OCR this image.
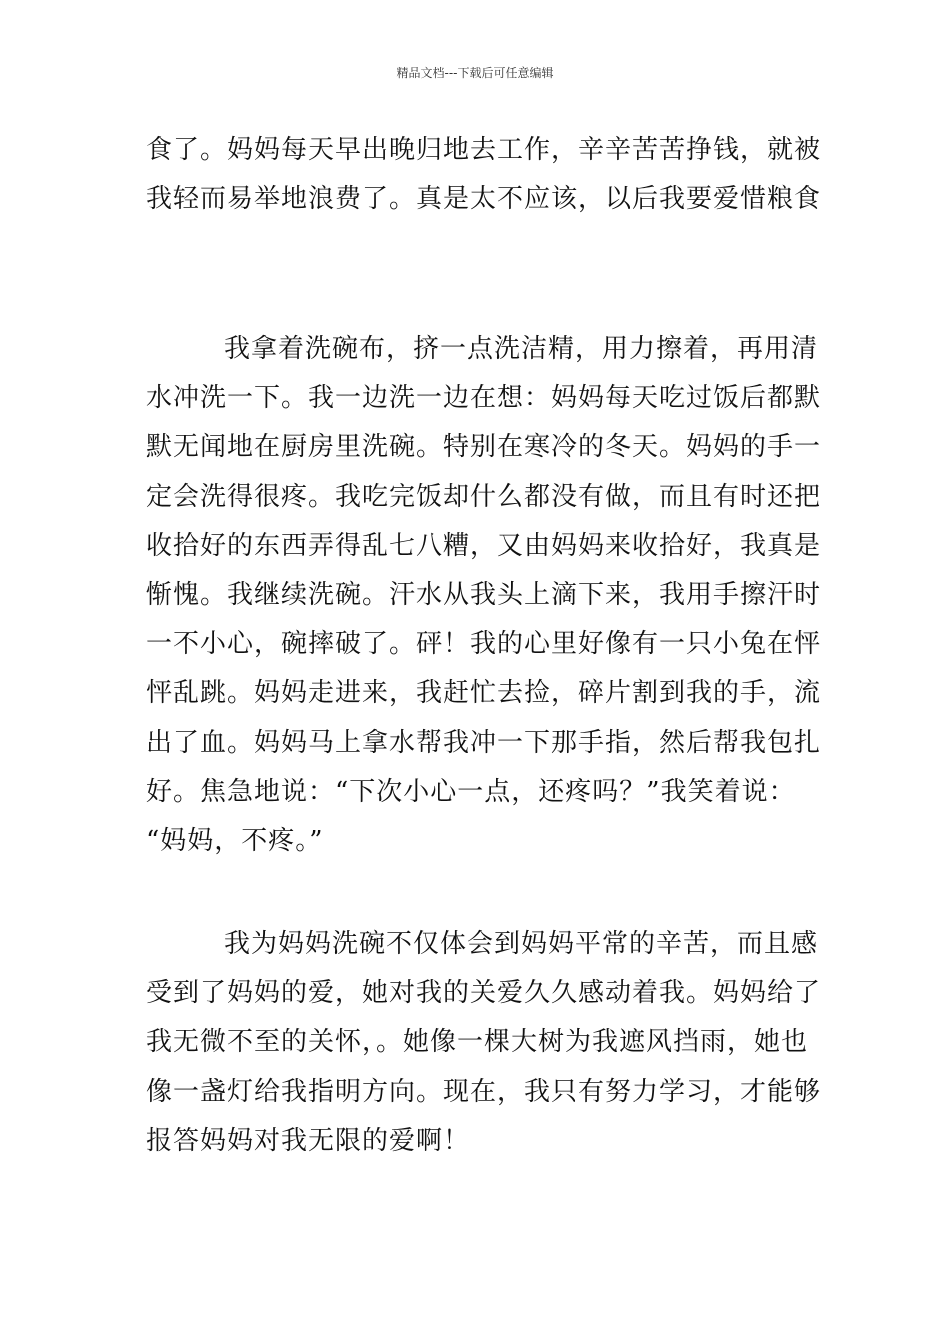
精品文档---下载后可任意编辑
食了。妈妈每天早出晚归地去工作，辛辛苦苦挣钱，就被
我轻而易举地浪费了。真是太不应该，以后我要爱惜粮食
我拿着洗碗布，挤一点洗洁精，用力擦着，再用清
水冲洗一下。我一边洗一边在想：妈妈每天吃过饭后都默
默无闻地在厨房里洗碗。特别在寒冷的冬天。妈妈的手一
定会洗得很疼。我吃完饭却什么都没有做，而且有时还把
收拾好的东西弄得乱七八糟，又由妈妈来收拾好，我真是
惭愧。我继续洗碗。汗水从我头上滴下来，我用手擦汗时
一不小心，碗摔破了。砰！我的心里好像有一只小兔在怦
怦乱跳。妈妈走进来，我赶忙去捡，碎片割到我的手，流
出了血。妈妈马上拿水帮我冲一下那手指，然后帮我包扎
好。焦急地说：“下次小心一点，还疼吗？”我笑着说：
“妈妈，不疼。”
我为妈妈洗碗不仅体会到妈妈平常的辛苦，而且感
受到了妈妈的爱，她对我的关爱久久感动着我。妈妈给了
我无微不至的关怀，。她像一棵大树为我遮风挡雨，她也
像一盏灯给我指明方向。现在，我只有努力学习，才能够
报答妈妈对我无限的爱啊！
